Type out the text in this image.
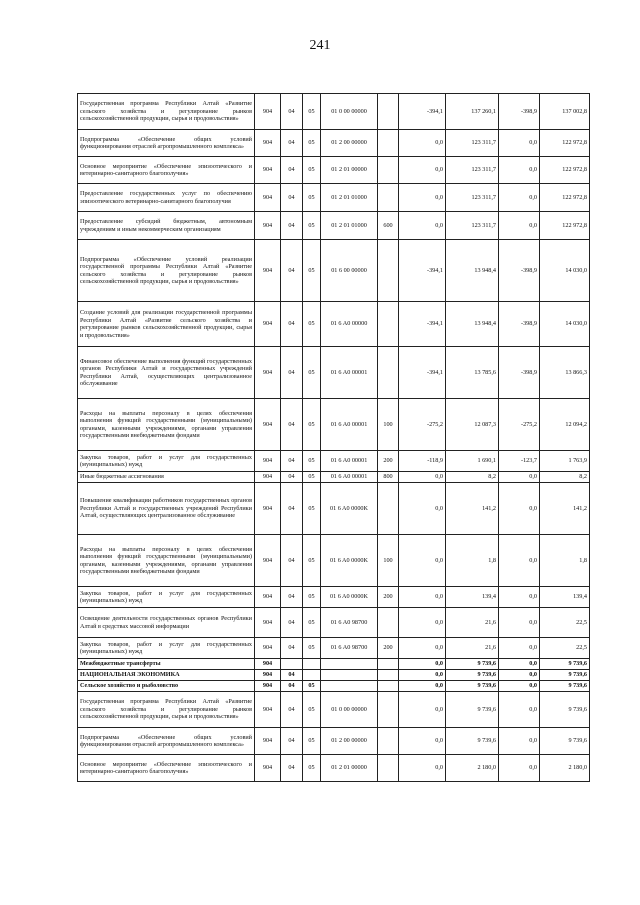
241
Государственная программа Республики Алтай «Развитие сельского хозяйства и регулирование рынков сельскохозяйственной продукции, сырья и продовольствия»	904	04	05	01 0 00 00000		-394,1	137 260,1	-398,9	137 002,8
Подпрограмма «Обеспечение общих условий функционирования отраслей агропромышленного комплекса»	904	04	05	01 2 00 00000		0,0	123 311,7	0,0	122 972,8
Основное мероприятие «Обеспечение эпизоотического и ветеринарно-санитарного благополучия»	904	04	05	01 2 01 00000		0,0	123 311,7	0,0	122 972,8
Предоставление государственных услуг по обеспечению эпизоотического ветеринарно-санитарного благополучия	904	04	05	01 2 01 01000		0,0	123 311,7	0,0	122 972,8
Предоставление субсидий бюджетным, автономным учреждениям и иным некоммерческим организациям	904	04	05	01 2 01 01000	600	0,0	123 311,7	0,0	122 972,8
Подпрограмма «Обеспечение условий реализации государственной программы Республики Алтай «Развитие сельского хозяйства и регулирование рынков сельскохозяйственной продукции, сырья и продовольствия»	904	04	05	01 6 00 00000		-394,1	13 948,4	-398,9	14 030,0
Создание условий для реализации государственной программы Республики Алтай «Развитие сельского хозяйства и регулирование рынков сельскохозяйственной продукции, сырья и продовольствия»	904	04	05	01 6 A0 00000		-394,1	13 948,4	-398,9	14 030,0
Финансовое обеспечение выполнения функций государственных органов Республики Алтай и государственных учреждений Республики Алтай, осуществляющих централизованное обслуживание	904	04	05	01 6 A0 00001		-394,1	13 785,6	-398,9	13 866,3
Расходы на выплаты персоналу в целях обеспечения выполнения функций государственными (муниципальными) органами, казенными учреждениями, органами управления государственными внебюджетными фондами	904	04	05	01 6 A0 00001	100	-275,2	12 087,3	-275,2	12 094,2
Закупка товаров, работ и услуг для государственных (муниципальных) нужд	904	04	05	01 6 A0 00001	200	-118,9	1 690,1	-123,7	1 763,9
Иные бюджетные ассигнования	904	04	05	01 6 A0 00001	800	0,0	8,2	0,0	8,2
Повышение квалификации работников государственных органов Республики Алтай и государственных учреждений Республики Алтай, осуществляющих централизованное обслуживание	904	04	05	01 6 A0 0000K		0,0	141,2	0,0	141,2
Расходы на выплаты персоналу в целях обеспечения выполнения функций государственными (муниципальными) органами, казенными учреждениями, органами управления государственными внебюджетными фондами	904	04	05	01 6 A0 0000K	100	0,0	1,8	0,0	1,8
Закупка товаров, работ и услуг для государственных (муниципальных) нужд	904	04	05	01 6 A0 0000K	200	0,0	139,4	0,0	139,4
Освещение деятельности государственных органов Республики Алтай в средствах массовой информации	904	04	05	01 6 A0 98700		0,0	21,6	0,0	22,5
Закупка товаров, работ и услуг для государственных (муниципальных) нужд	904	04	05	01 6 A0 98700	200	0,0	21,6	0,0	22,5
Межбюджетные трансферты	904					0,0	9 739,6	0,0	9 739,6
НАЦИОНАЛЬНАЯ ЭКОНОМИКА	904	04				0,0	9 739,6	0,0	9 739,6
Сельское хозяйство и рыболовство	904	04	05			0,0	9 739,6	0,0	9 739,6
Государственная программа Республики Алтай «Развитие сельского хозяйства и регулирование рынков сельскохозяйственной продукции, сырья и продовольствия»	904	04	05	01 0 00 00000		0,0	9 739,6	0,0	9 739,6
Подпрограмма «Обеспечение общих условий функционирования отраслей агропромышленного комплекса»	904	04	05	01 2 00 00000		0,0	9 739,6	0,0	9 739,6
Основное мероприятие «Обеспечение эпизоотического и ветеринарно-санитарного благополучия»	904	04	05	01 2 01 00000		0,0	2 180,0	0,0	2 180,0
